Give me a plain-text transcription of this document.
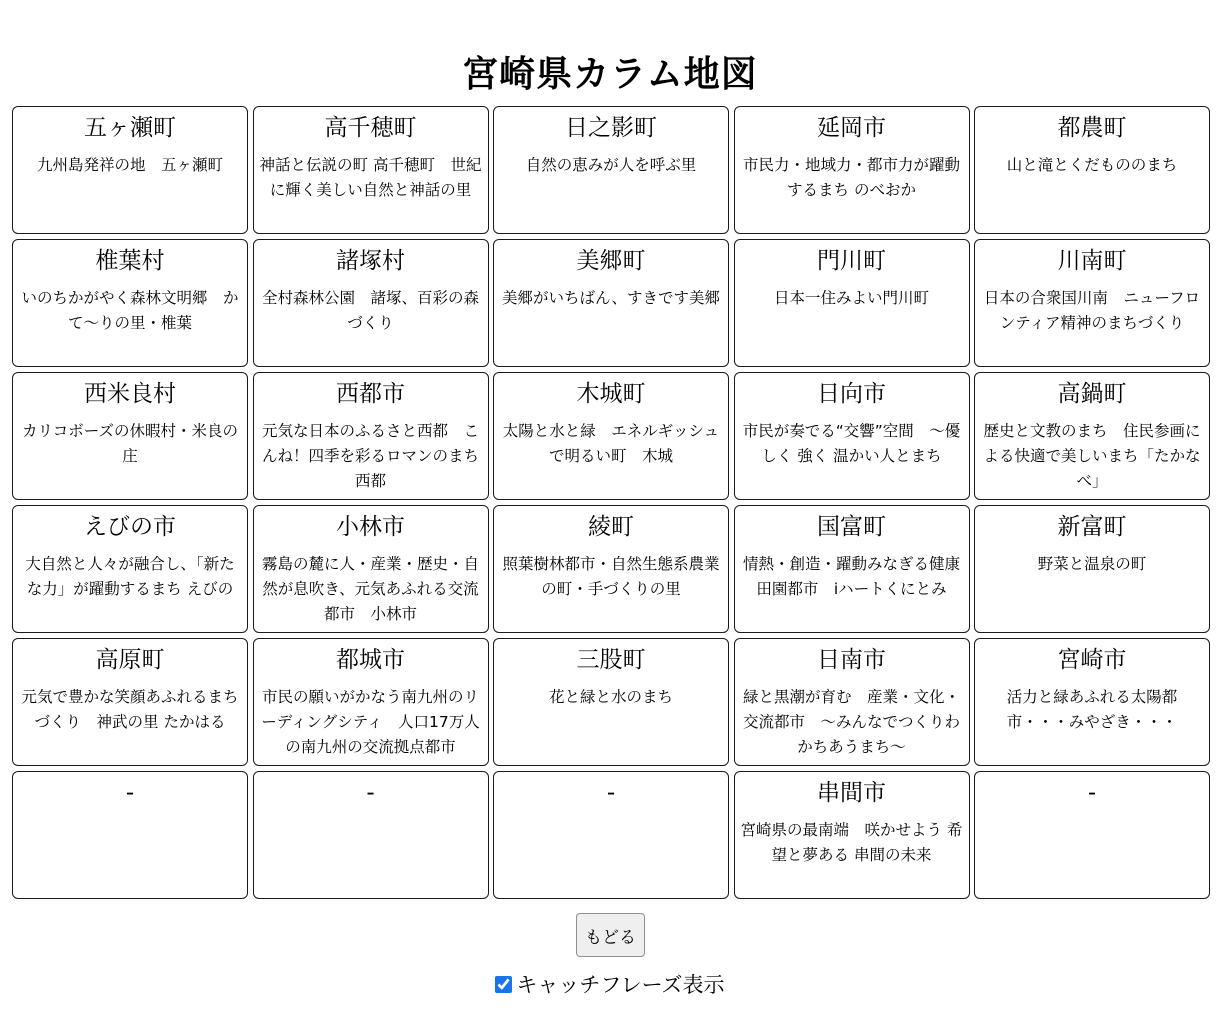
宮崎県カラム地図
五ヶ瀬町
九州島発祥の地　五ヶ瀬町
高千穂町
神話と伝説の町 高千穂町　世紀に輝く美しい自然と神話の里
日之影町
自然の恵みが人を呼ぶ里
延岡市
市民力・地域力・都市力が躍動するまち のべおか
都農町
山と滝とくだもののまち
椎葉村
いのちかがやく森林文明郷　かて〜りの里・椎葉
諸塚村
全村森林公園　諸塚、百彩の森づくり
美郷町
美郷がいちばん、すきです美郷
門川町
日本一住みよい門川町
川南町
日本の合衆国川南　ニューフロンティア精神のまちづくり
西米良村
カリコボーズの休暇村・米良の庄
西都市
元気な日本のふるさと西都　こんね！四季を彩るロマンのまち 西都
木城町
太陽と水と緑　エネルギッシュで明るい町　木城
日向市
市民が奏でる“交響”空間　〜優しく 強く 温かい人とまち
高鍋町
歴史と文教のまち　住民参画による快適で美しいまち「たかなべ」
えびの市
大自然と人々が融合し、「新たな力」が躍動するまち えびの
小林市
霧島の麓に人・産業・歴史・自然が息吹き、元気あふれる交流都市　小林市
綾町
照葉樹林都市・自然生態系農業の町・手づくりの里
国富町
情熱・創造・躍動みなぎる健康田園都市　iハートくにとみ
新富町
野菜と温泉の町
高原町
元気で豊かな笑顔あふれるまちづくり　神武の里 たかはる
都城市
市民の願いがかなう南九州のリーディングシティ　人口17万人の南九州の交流拠点都市
三股町
花と緑と水のまち
日南市
緑と黒潮が育む　産業・文化・交流都市　〜みんなでつくりわかちあうまち〜
宮崎市
活力と緑あふれる太陽都市・・・みやざき・・・
-	-	-	串間市
宮崎県の最南端　咲かせよう 希望と夢ある 串間の未来
-
もどる
キャッチフレーズ表示
